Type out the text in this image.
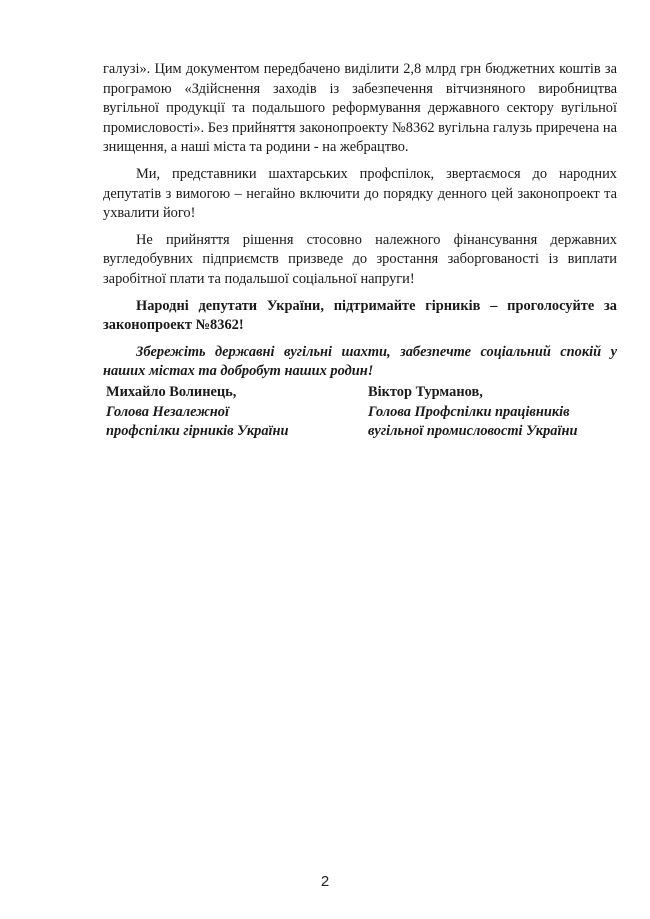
галузі». Цим документом передбачено виділити 2,8 млрд грн бюджетних коштів за програмою «Здійснення заходів із забезпечення вітчизняного виробництва вугільної продукції та подальшого реформування державного сектору вугільної промисловості». Без прийняття законопроекту №8362 вугільна галузь приречена на знищення, а наші міста та родини - на жебрацтво.

Ми, представники шахтарських профспілок, звертаємося до народних депутатів з вимогою – негайно включити до порядку денного цей законопроект та ухвалити його!

Не прийняття рішення стосовно належного фінансування державних вугледобувних підприємств призведе до зростання заборгованості із виплати заробітної плати та подальшої соціальної напруги!

Народні депутати України, підтримайте гірників – проголосуйте за законопроект №8362!

Збережіть державні вугільні шахти, забезпечте соціальний спокій у наших містах та добробут наших родин!

Михайло Волинець,
Голова Незалежної
профспілки гірників України
Віктор Турманов,
Голова Профспілки працівників
вугільної промисловості України
2
